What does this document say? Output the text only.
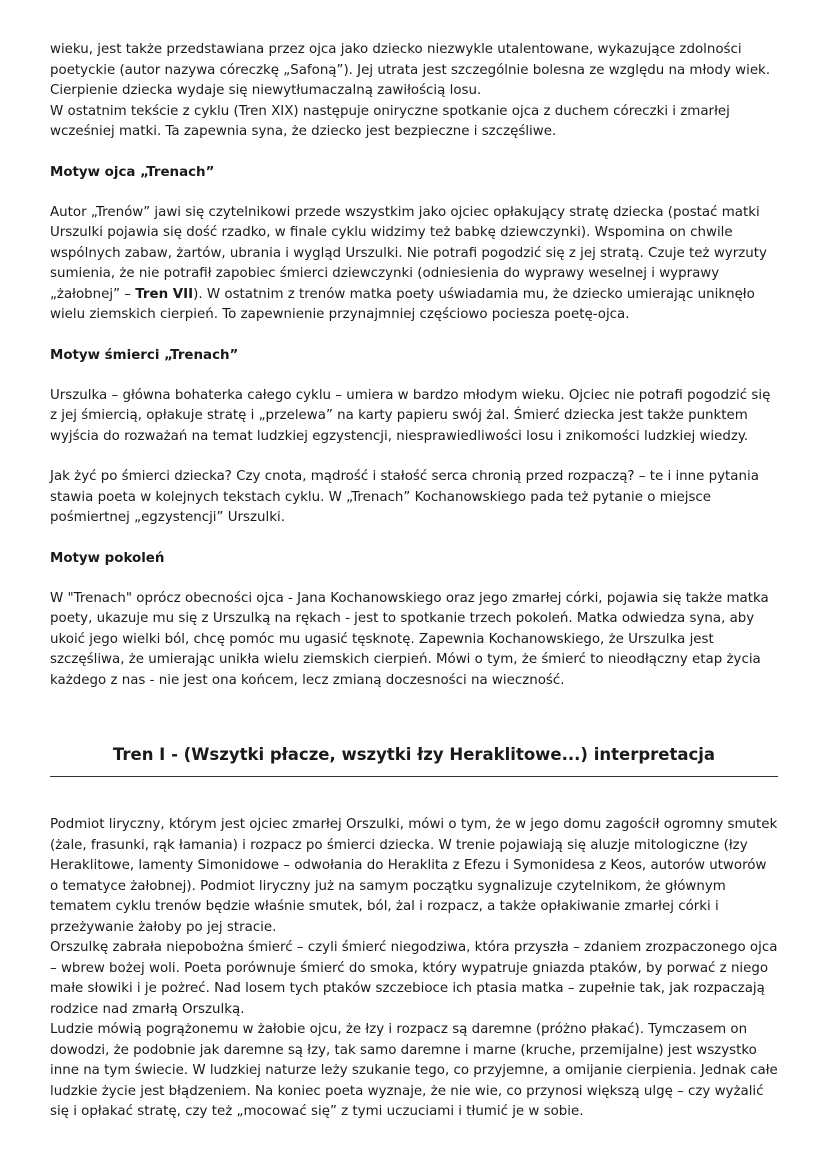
wieku, jest także przedstawiana przez ojca jako dziecko niezwykle utalentowane, wykazujące zdolności poetyckie (autor nazywa córeczkę „Safoną”). Jej utrata jest szczególnie bolesna ze względu na młody wiek. Cierpienie dziecka wydaje się niewytłumaczalną zawiłością losu.

W ostatnim tekście z cyklu (Tren XIX) następuje oniryczne spotkanie ojca z duchem córeczki i zmarłej wcześniej matki. Ta zapewnia syna, że dziecko jest bezpieczne i szczęśliwe.

Motyw ojca „Trenach”

Autor „Trenów” jawi się czytelnikowi przede wszystkim jako ojciec opłakujący stratę dziecka (postać matki Urszulki pojawia się dość rzadko, w finale cyklu widzimy też babkę dziewczynki). Wspomina on chwile wspólnych zabaw, żartów, ubrania i wygląd Urszulki. Nie potrafi pogodzić się z jej stratą. Czuje też wyrzuty sumienia, że nie potrafił zapobiec śmierci dziewczynki (odniesienia do wyprawy weselnej i wyprawy „żałobnej” – Tren VII). W ostatnim z trenów matka poety uświadamia mu, że dziecko umierając uniknęło wielu ziemskich cierpień. To zapewnienie przynajmniej częściowo pociesza poetę-ojca.

Motyw śmierci „Trenach”

Urszulka – główna bohaterka całego cyklu – umiera w bardzo młodym wieku. Ojciec nie potrafi pogodzić się z jej śmiercią, opłakuje stratę i „przelewa” na karty papieru swój żal. Śmierć dziecka jest także punktem wyjścia do rozważań na temat ludzkiej egzystencji, niesprawiedliwości losu i znikomości ludzkiej wiedzy.

Jak żyć po śmierci dziecka? Czy cnota, mądrość i stałość serca chronią przed rozpaczą? – te i inne pytania stawia poeta w kolejnych tekstach cyklu. W „Trenach” Kochanowskiego pada też pytanie o miejsce pośmiertnej „egzystencji” Urszulki.

Motyw pokoleń

W "Trenach" oprócz obecności ojca - Jana Kochanowskiego oraz jego zmarłej córki, pojawia się także matka poety, ukazuje mu się z Urszulką na rękach - jest to spotkanie trzech pokoleń. Matka odwiedza syna, aby ukoić jego wielki ból, chcę pomóc mu ugasić tęsknotę. Zapewnia Kochanowskiego, że Urszulka jest szczęśliwa, że umierając unikła wielu ziemskich cierpień. Mówi o tym, że śmierć to nieodłączny etap życia każdego z nas - nie jest ona końcem, lecz zmianą doczesności na wieczność.

Tren I - (Wszytki płacze, wszytki łzy Heraklitowe...) interpretacja

Podmiot liryczny, którym jest ojciec zmarłej Orszulki, mówi o tym, że w jego domu zagościł ogromny smutek (żale, frasunki, rąk łamania) i rozpacz po śmierci dziecka. W trenie pojawiają się aluzje mitologiczne (łzy Heraklitowe, lamenty Simonidowe – odwołania do Heraklita z Efezu i Symonidesa z Keos, autorów utworów o tematyce żałobnej). Podmiot liryczny już na samym początku sygnalizuje czytelnikom, że głównym tematem cyklu trenów będzie właśnie smutek, ból, żal i rozpacz, a także opłakiwanie zmarłej córki i przeżywanie żałoby po jej stracie.

Orszulkę zabrała niepobożna śmierć – czyli śmierć niegodziwa, która przyszła – zdaniem zrozpaczonego ojca – wbrew bożej woli. Poeta porównuje śmierć do smoka, który wypatruje gniazda ptaków, by porwać z niego małe słowiki i je pożreć. Nad losem tych ptaków szczebioce ich ptasia matka – zupełnie tak, jak rozpaczają rodzice nad zmarłą Orszulką.

Ludzie mówią pogrążonemu w żałobie ojcu, że łzy i rozpacz są daremne (próżno płakać). Tymczasem on dowodzi, że podobnie jak daremne są łzy, tak samo daremne i marne (kruche, przemijalne) jest wszystko inne na tym świecie. W ludzkiej naturze leży szukanie tego, co przyjemne, a omijanie cierpienia. Jednak całe ludzkie życie jest błądzeniem. Na koniec poeta wyznaje, że nie wie, co przynosi większą ulgę – czy wyżalić się i opłakać stratę, czy też „mocować się” z tymi uczuciami i tłumić je w sobie.
